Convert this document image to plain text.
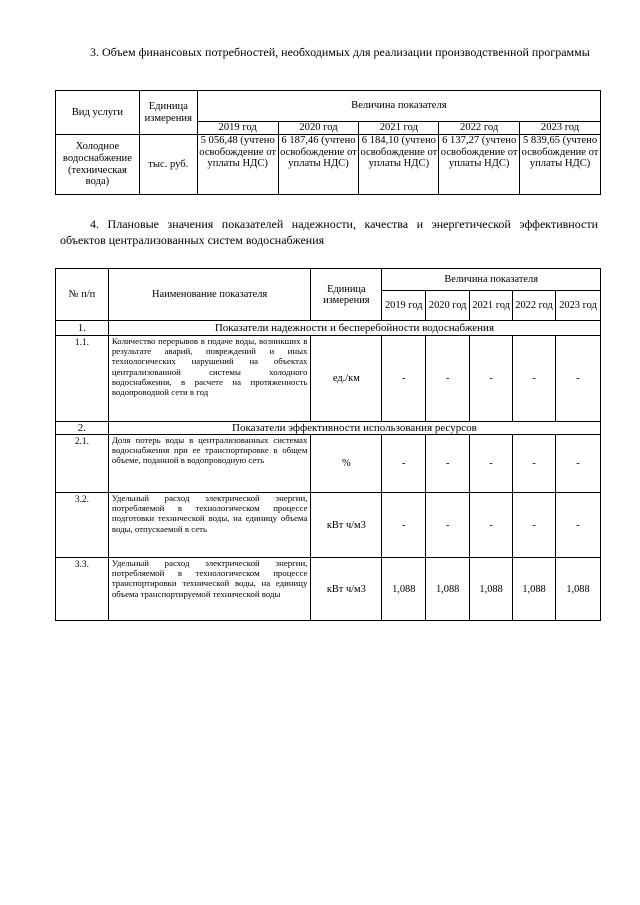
3. Объем финансовых потребностей, необходимых для реализации производственной программы
Вид услуги	Единица измерения	Величина показателя				
		2019 год	2020 год	2021 год	2022 год	2023 год
Холодное водоснабжение (техническая вода)	тыс. руб.	5 056,48 (учтено освобождение от уплаты НДС)	6 187,46 (учтено освобождение от уплаты НДС)	6 184,10 (учтено освобождение от уплаты НДС)	6 137,27 (учтено освобождение от уплаты НДС)	5 839,65 (учтено освобождение от уплаты НДС)
4. Плановые значения показателей надежности, качества и энергетической эффективности объектов централизованных систем водоснабжения
№ п/п	Наименование показателя	Единица измерения	Величина показателя				
			2019 год	2020 год	2021 год	2022 год	2023 год
1.	Показатели надежности и бесперебойности водоснабжения						
1.1.	Количество перерывов в подаче воды, возникших в результате аварий, повреждений и иных технологических нарушений на объектах централизованной системы холодного водоснабжения, в расчете на протяженность водопроводной сети в год	ед./км	-	-	-	-	-
2.	Показатели эффективности использования ресурсов						
2.1.	Доля потерь воды в централизованных системах водоснабжения при ее транспортировке в общем объеме, поданной в водопроводную сеть	%	-	-	-	-	-
3.2.	Удельный расход электрической энергии, потребляемой в технологическом процессе подготовки технической воды, на единицу объема воды, отпускаемой в сеть	кВт ч/м3	-	-	-	-	-
3.3.	Удельный расход электрической энергии, потребляемой в технологическом процессе транспортировки технической воды, на единицу объема транспортируемой технической воды	кВт ч/м3	1,088	1,088	1,088	1,088	1,088
